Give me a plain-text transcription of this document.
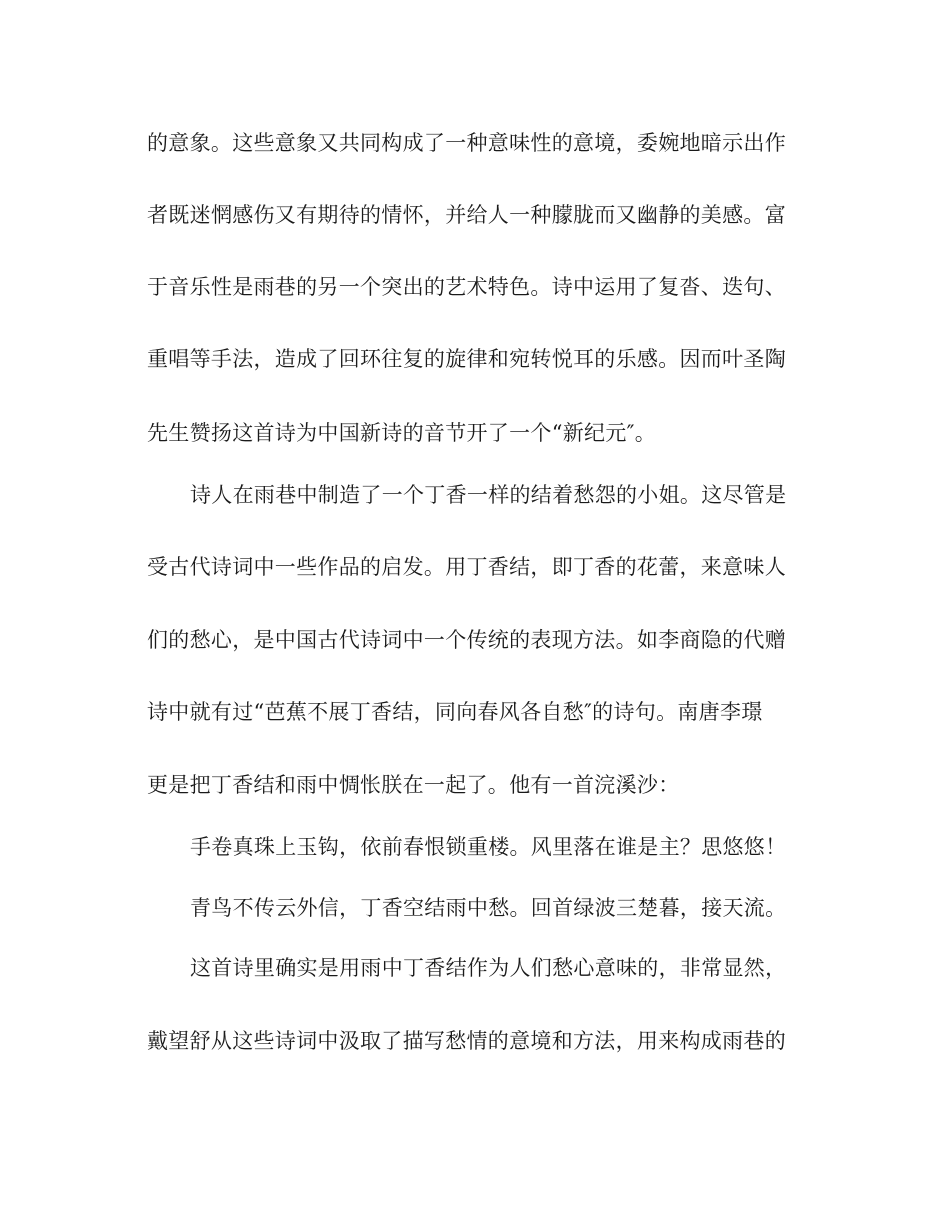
的意象。这些意象又共同构成了一种意味性的意境，委婉地暗示出作
者既迷惘感伤又有期待的情怀，并给人一种朦胧而又幽静的美感。富
于音乐性是雨巷的另一个突出的艺术特色。诗中运用了复沓、迭句、
重唱等手法，造成了回环往复的旋律和宛转悦耳的乐感。因而叶圣陶
先生赞扬这首诗为中国新诗的音节开了一个“新纪元″。
诗人在雨巷中制造了一个丁香一样的结着愁怨的小姐。这尽管是
受古代诗词中一些作品的启发。用丁香结，即丁香的花蕾，来意味人
们的愁心，是中国古代诗词中一个传统的表现方法。如李商隐的代赠
诗中就有过“芭蕉不展丁香结，同向春风各自愁″的诗句。南唐李璟
更是把丁香结和雨中惆怅朕在一起了。他有一首浣溪沙：
手卷真珠上玉钩，依前春恨锁重楼。风里落在谁是主？思悠悠！
青鸟不传云外信，丁香空结雨中愁。回首绿波三楚暮，接天流。
这首诗里确实是用雨中丁香结作为人们愁心意味的，非常显然，
戴望舒从这些诗词中汲取了描写愁情的意境和方法，用来构成雨巷的
